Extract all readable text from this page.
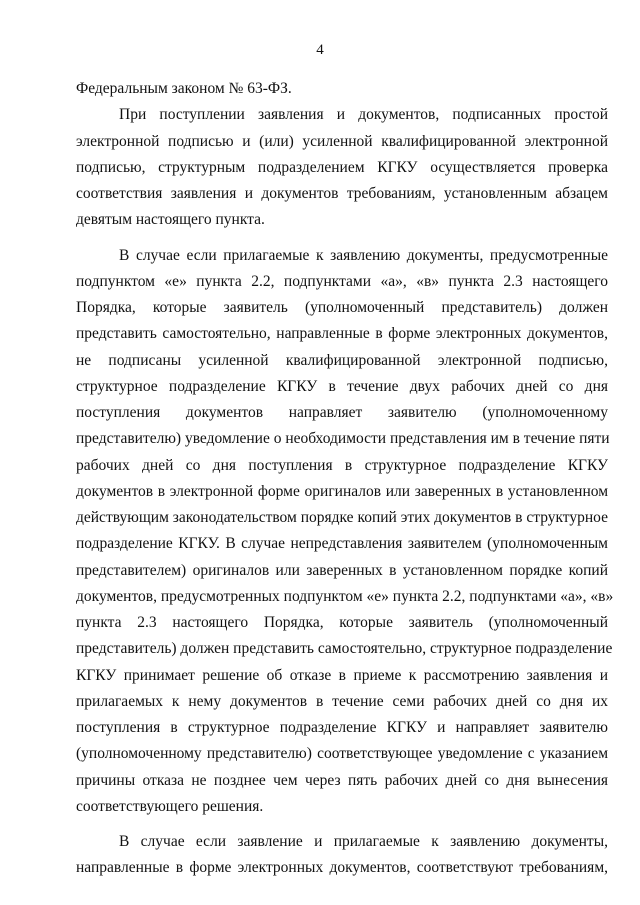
4
Федеральным законом № 63-ФЗ.
При поступлении заявления и документов, подписанных простой
электронной подписью и (или) усиленной квалифицированной электронной
подписью, структурным подразделением КГКУ осуществляется проверка
соответствия заявления и документов требованиям, установленным абзацем
девятым настоящего пункта.
В случае если прилагаемые к заявлению документы, предусмотренные
подпунктом «е» пункта 2.2, подпунктами «а», «в» пункта 2.3 настоящего
Порядка, которые заявитель (уполномоченный представитель) должен
представить самостоятельно, направленные в форме электронных документов,
не подписаны усиленной квалифицированной электронной подписью,
структурное подразделение КГКУ в течение двух рабочих дней со дня
поступления документов направляет заявителю (уполномоченному
представителю) уведомление о необходимости представления им в течение пяти
рабочих дней со дня поступления в структурное подразделение КГКУ
документов в электронной форме оригиналов или заверенных в установленном
действующим законодательством порядке копий этих документов в структурное
подразделение КГКУ. В случае непредставления заявителем (уполномоченным
представителем) оригиналов или заверенных в установленном порядке копий
документов, предусмотренных подпунктом «е» пункта 2.2, подпунктами «а», «в»
пункта 2.3 настоящего Порядка, которые заявитель (уполномоченный
представитель) должен представить самостоятельно, структурное подразделение
КГКУ принимает решение об отказе в приеме к рассмотрению заявления и
прилагаемых к нему документов в течение семи рабочих дней со дня их
поступления в структурное подразделение КГКУ и направляет заявителю
(уполномоченному представителю) соответствующее уведомление с указанием
причины отказа не позднее чем через пять рабочих дней со дня вынесения
соответствующего решения.
В случае если заявление и прилагаемые к заявлению документы,
направленные в форме электронных документов, соответствуют требованиям,
